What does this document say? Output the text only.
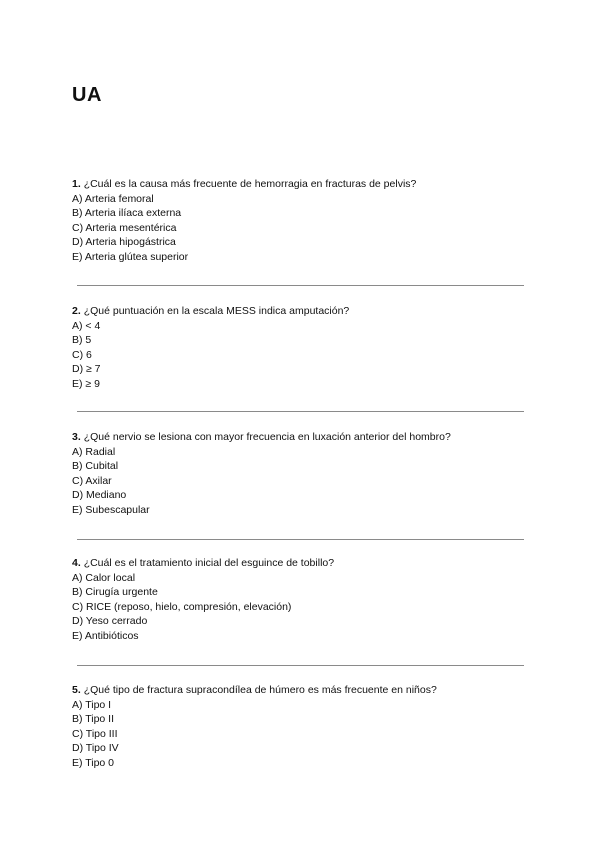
UA

1. ¿Cuál es la causa más frecuente de hemorragia en fracturas de pelvis?

A) Arteria femoral
B) Arteria ilíaca externa
C) Arteria mesentérica
D) Arteria hipogástrica
E) Arteria glútea superior

2. ¿Qué puntuación en la escala MESS indica amputación?

A) < 4
B) 5
C) 6
D) ≥ 7
E) ≥ 9

3. ¿Qué nervio se lesiona con mayor frecuencia en luxación anterior del hombro?

A) Radial
B) Cubital
C) Axilar
D) Mediano
E) Subescapular

4. ¿Cuál es el tratamiento inicial del esguince de tobillo?

A) Calor local
B) Cirugía urgente
C) RICE (reposo, hielo, compresión, elevación)
D) Yeso cerrado
E) Antibióticos

5. ¿Qué tipo de fractura supracondílea de húmero es más frecuente en niños?

A) Tipo I
B) Tipo II
C) Tipo III
D) Tipo IV
E) Tipo 0
